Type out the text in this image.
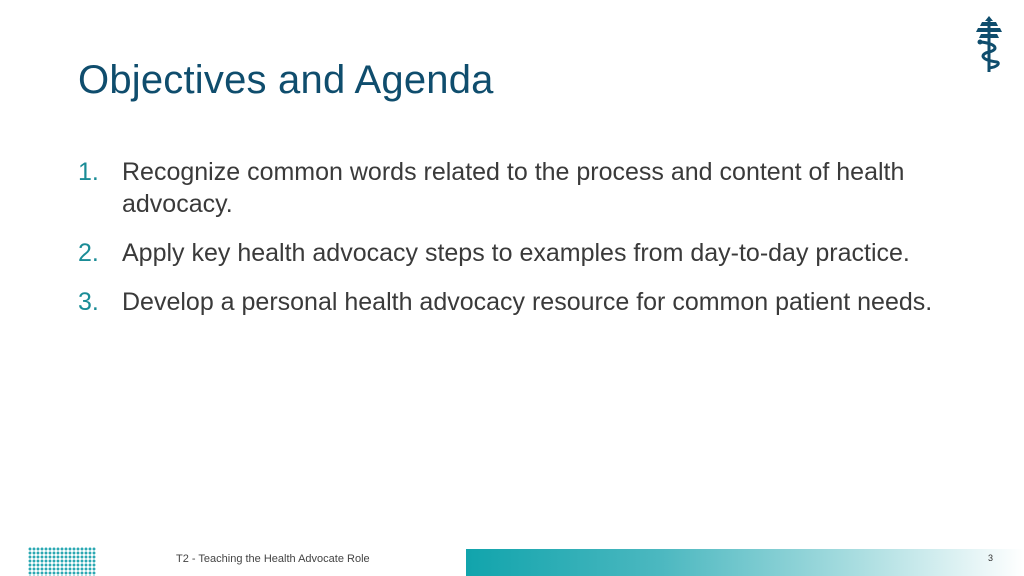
Objectives and Agenda
1. Recognize common words related to the process and content of health advocacy.
2. Apply key health advocacy steps to examples from day-to-day practice.
3. Develop a personal health advocacy resource for common patient needs.
T2 - Teaching the Health Advocate Role	3
